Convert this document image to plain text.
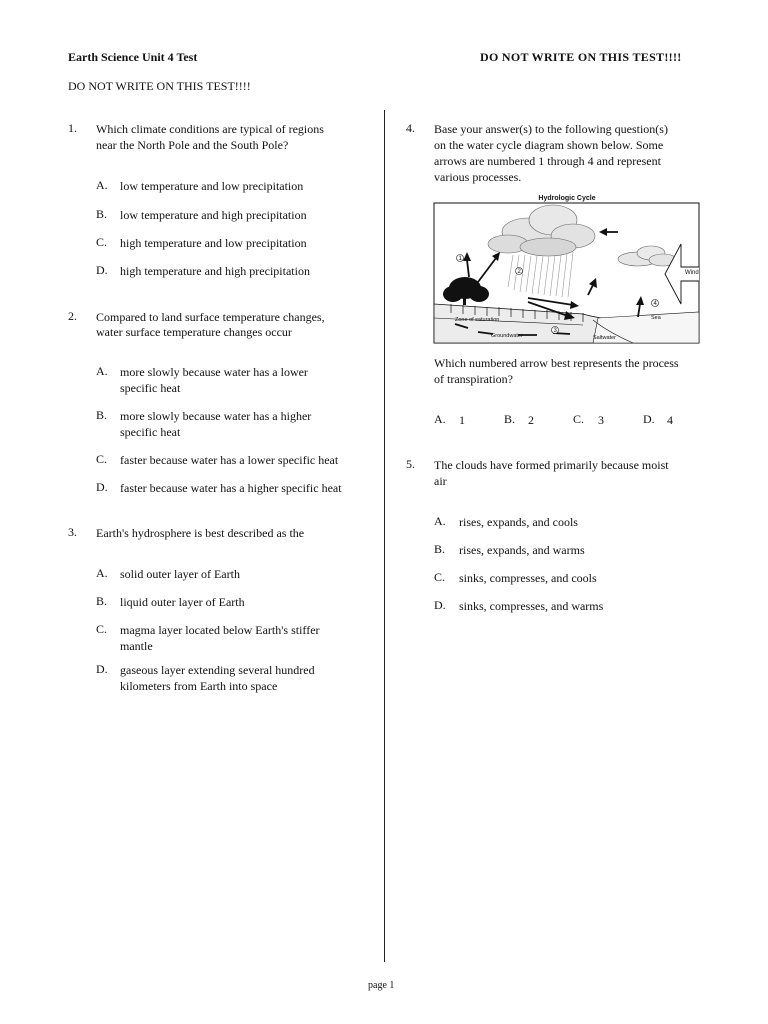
Earth Science Unit 4 Test	DO NOT WRITE ON THIS TEST!!!!
DO NOT WRITE ON THIS TEST!!!!
1.	Which climate conditions are typical of regions
near the North Pole and the South Pole?
A.	low temperature and low precipitation
B.	low temperature and high precipitation
C.	high temperature and low precipitation
D.	high temperature and high precipitation
2.	Compared to land surface temperature changes,
water surface temperature changes occur
A.	more slowly because water has a lower
specific heat
B.	more slowly because water has a higher
specific heat
C.	faster because water has a lower specific heat
D.	faster because water has a higher specific heat
3.	Earth's hydrosphere is best described as the
A.	solid outer layer of Earth
B.	liquid outer layer of Earth
C.	magma layer located below Earth's stiffer
mantle
D.	gaseous layer extending several hundred
kilometers from Earth into space
4.	Base your answer(s) to the following question(s)
on the water cycle diagram shown below. Some
arrows are numbered 1 through 4 and represent
various processes.
Hydrologic Cycle
Wind
1
2
3
4
Zone of saturation
Groundwater	Saltwater
Sea
Which numbered arrow best represents the process
of transpiration?
A.	1	B.	2	C.	3	D.	4
5.	The clouds have formed primarily because moist
air
A.	rises, expands, and cools
B.	rises, expands, and warms
C.	sinks, compresses, and cools
D.	sinks, compresses, and warms
page 1
